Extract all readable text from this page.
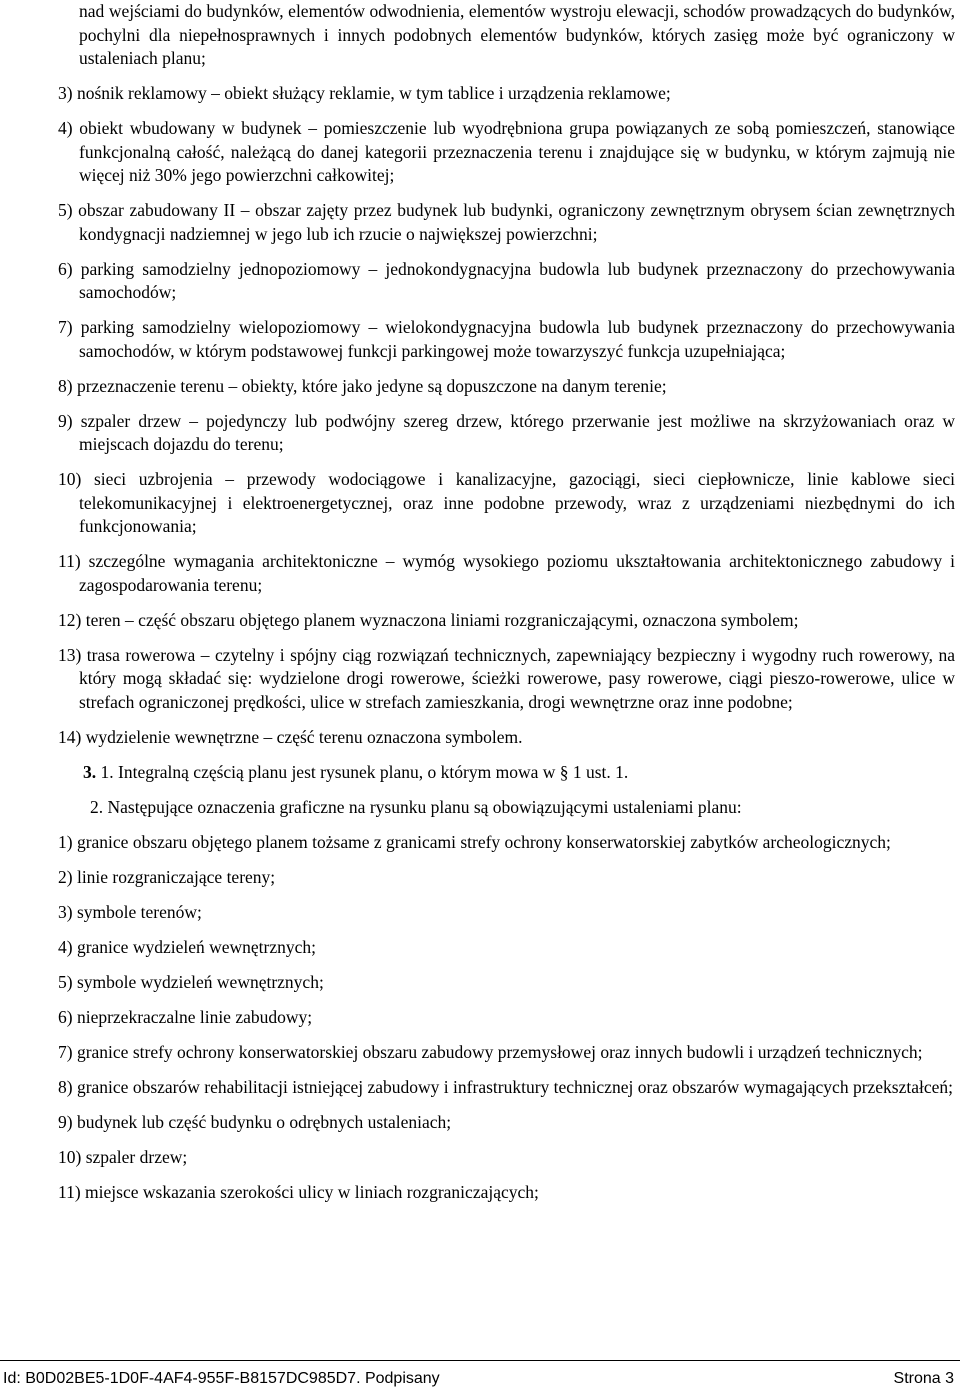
nad wejściami do budynków, elementów odwodnienia, elementów wystroju elewacji, schodów prowadzących do budynków, pochylni dla niepełnosprawnych i innych podobnych elementów budynków, których zasięg może być ograniczony w ustaleniach planu;

3) nośnik reklamowy – obiekt służący reklamie, w tym tablice i urządzenia reklamowe;

4) obiekt wbudowany w budynek – pomieszczenie lub wyodrębniona grupa powiązanych ze sobą pomieszczeń, stanowiące funkcjonalną całość, należącą do danej kategorii przeznaczenia terenu i znajdujące się w budynku, w którym zajmują nie więcej niż 30% jego powierzchni całkowitej;

5) obszar zabudowany II – obszar zajęty przez budynek lub budynki, ograniczony zewnętrznym obrysem ścian zewnętrznych kondygnacji nadziemnej w jego lub ich rzucie o największej powierzchni;

6) parking samodzielny jednopoziomowy – jednokondygnacyjna budowla lub budynek przeznaczony do przechowywania samochodów;

7) parking samodzielny wielopoziomowy – wielokondygnacyjna budowla lub budynek przeznaczony do przechowywania samochodów, w którym podstawowej funkcji parkingowej może towarzyszyć funkcja uzupełniająca;

8) przeznaczenie terenu – obiekty, które jako jedyne są dopuszczone na danym terenie;

9) szpaler drzew – pojedynczy lub podwójny szereg drzew, którego przerwanie jest możliwe na skrzyżowaniach oraz w miejscach dojazdu do terenu;

10) sieci uzbrojenia – przewody wodociągowe i kanalizacyjne, gazociągi, sieci ciepłownicze, linie kablowe sieci telekomunikacyjnej i elektroenergetycznej, oraz inne podobne przewody, wraz z urządzeniami niezbędnymi do ich funkcjonowania;

11) szczególne wymagania architektoniczne – wymóg wysokiego poziomu ukształtowania architektonicznego zabudowy i zagospodarowania terenu;

12) teren – część obszaru objętego planem wyznaczona liniami rozgraniczającymi, oznaczona symbolem;

13) trasa rowerowa – czytelny i spójny ciąg rozwiązań technicznych, zapewniający bezpieczny i wygodny ruch rowerowy, na który mogą składać się: wydzielone drogi rowerowe, ścieżki rowerowe, pasy rowerowe, ciągi pieszo-rowerowe, ulice w strefach ograniczonej prędkości, ulice w strefach zamieszkania, drogi wewnętrzne oraz inne podobne;

14) wydzielenie wewnętrzne – część terenu oznaczona symbolem.

3. 1. Integralną częścią planu jest rysunek planu, o którym mowa w § 1 ust. 1.

2. Następujące oznaczenia graficzne na rysunku planu są obowiązującymi ustaleniami planu:

1) granice obszaru objętego planem tożsame z granicami strefy ochrony konserwatorskiej zabytków archeologicznych;

2) linie rozgraniczające tereny;

3) symbole terenów;

4) granice wydzieleń wewnętrznych;

5) symbole wydzieleń wewnętrznych;

6) nieprzekraczalne linie zabudowy;

7) granice strefy ochrony konserwatorskiej obszaru zabudowy przemysłowej oraz innych budowli i urządzeń technicznych;

8) granice obszarów rehabilitacji istniejącej zabudowy i infrastruktury technicznej oraz obszarów wymagających przekształceń;

9) budynek lub część budynku o odrębnych ustaleniach;

10) szpaler drzew;

11) miejsce wskazania szerokości ulicy w liniach rozgraniczających;

Id: B0D02BE5-1D0F-4AF4-955F-B8157DC985D7. Podpisany	Strona 3
